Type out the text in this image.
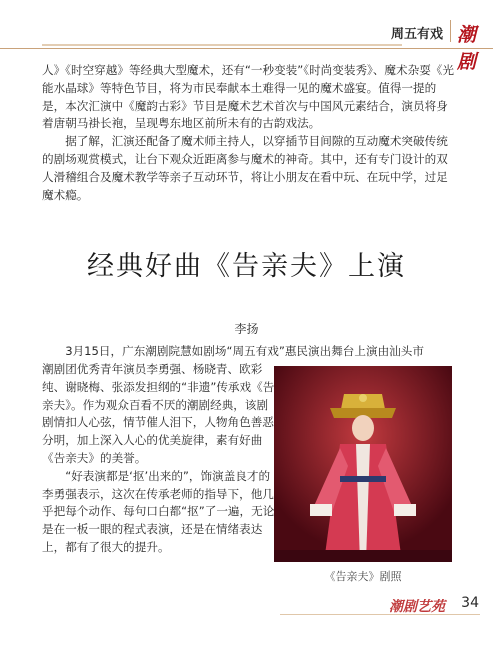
周五有戏 潮剧

人》《时空穿越》等经典大型魔术，还有“一秒变装”《时尚变装秀》、魔术杂耍《光能水晶球》等特色节目，将为市民奉献本土难得一见的魔术盛宴。值得一提的是，本次汇演中《魔韵古彩》节目是魔术艺术首次与中国风元素结合，演员将身着唐朝马褂长袍，呈现粤东地区前所未有的古韵戏法。

据了解，汇演还配备了魔术师主持人，以穿插节目间隙的互动魔术突破传统的剧场观赏模式，让台下观众近距离参与魔术的神奇。其中，还有专门设计的双人滑稽组合及魔术教学等亲子互动环节，将让小朋友在看中玩、在玩中学，过足魔术瘾。

经典好曲《告亲夫》上演
李扬
3月15日，广东潮剧院慧如剧场“周五有戏”惠民演出舞台上演由汕头市

潮剧团优秀青年演员李勇强、杨晓青、欧彩纯、谢晓梅、张添发担纲的“非遗”传承戏《告亲夫》。作为观众百看不厌的潮剧经典，该剧剧情扣人心弦，情节催人泪下，人物角色善恶分明，加上深入人心的优美旋律，素有好曲《告亲夫》的美誉。

“好表演都是‘抠’出来的”，饰演盖良才的李勇强表示，这次在传承老师的指导下，他几乎把每个动作、每句口白都“抠”了一遍，无论是在一板一眼的程式表演，还是在情绪表达上，都有了很大的提升。

《告亲夫》剧照
潮剧艺苑 34
